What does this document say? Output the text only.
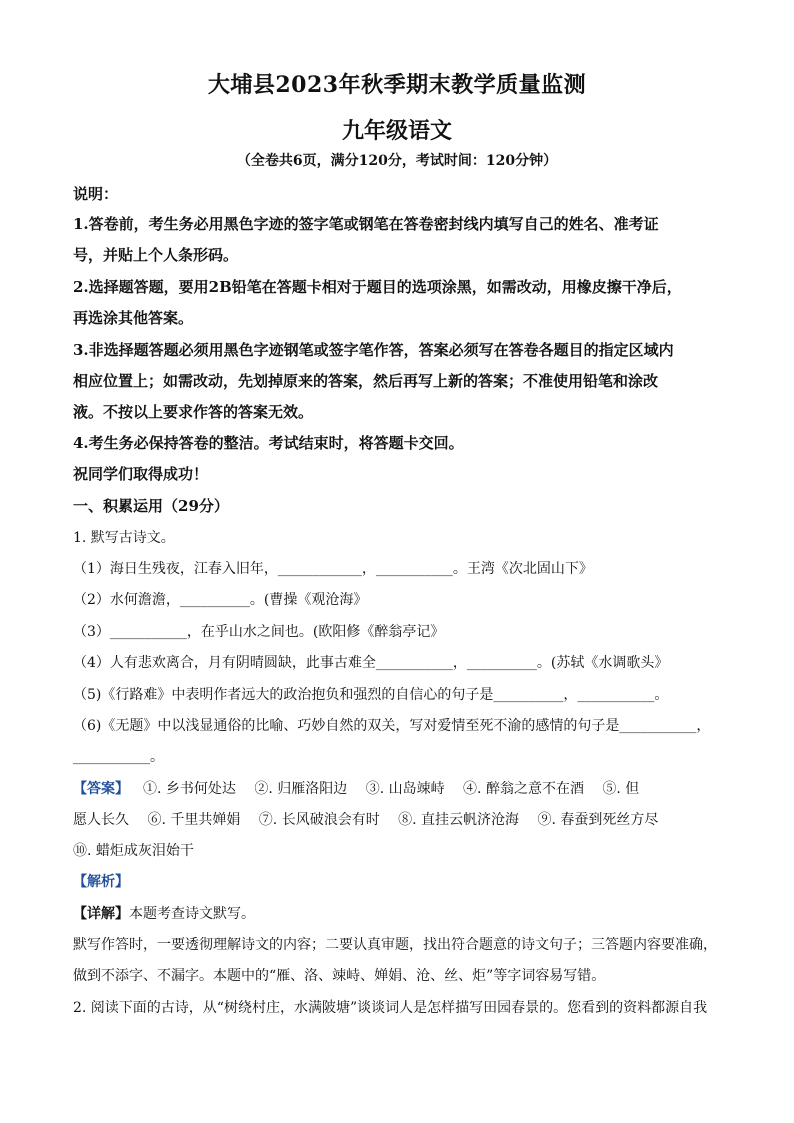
大埔县2023年秋季期末教学质量监测
九年级语文
（全卷共6页，满分120分，考试时间：120分钟）
说明：
1.答卷前，考生务必用黑色字迹的签字笔或钢笔在答卷密封线内填写自己的姓名、准考证
号，并贴上个人条形码。
2.选择题答题，要用2B铅笔在答题卡相对于题目的选项涂黑，如需改动，用橡皮擦干净后，
再选涂其他答案。
3.非选择题答题必须用黑色字迹钢笔或签字笔作答，答案必须写在答卷各题目的指定区域内
相应位置上；如需改动，先划掉原来的答案，然后再写上新的答案；不准使用铅笔和涂改
液。不按以上要求作答的答案无效。
4.考生务必保持答卷的整洁。考试结束时，将答题卡交回。
祝同学们取得成功！
一、积累运用（29分）
1. 默写古诗文。
（1）海日生残夜，江春入旧年，____________，___________。王湾《次北固山下》
（2）水何澹澹，__________。(曹操《观沧海》
（3）___________，在乎山水之间也。(欧阳修《醉翁亭记》
（4）人有悲欢离合，月有阴晴圆缺，此事古难全___________，__________。(苏轼《水调歌头》
（5)《行路难》中表明作者远大的政治抱负和强烈的自信心的句子是__________，___________。
（6)《无题》中以浅显通俗的比喻、巧妙自然的双关，写对爱情至死不渝的感情的句子是___________，
___________。
【答案】 ①. 乡书何处达　 ②. 归雁洛阳边　 ③. 山岛竦峙　 ④. 醉翁之意不在酒　 ⑤. 但
愿人长久　 ⑥. 千里共婵娟　 ⑦. 长风破浪会有时　 ⑧. 直挂云帆济沧海　 ⑨. 春蚕到死丝方尽
⑩. 蜡炬成灰泪始干
【解析】
【详解】本题考查诗文默写。
默写作答时，一要透彻理解诗文的内容；二要认真审题，找出符合题意的诗文句子；三答题内容要准确，
做到不添字、不漏字。本题中的“雁、洛、竦峙、婵娟、沧、丝、炬”等字词容易写错。
2. 阅读下面的古诗，从“树绕村庄，水满陂塘”谈谈词人是怎样描写田园春景的。您看到的资料都源自我
